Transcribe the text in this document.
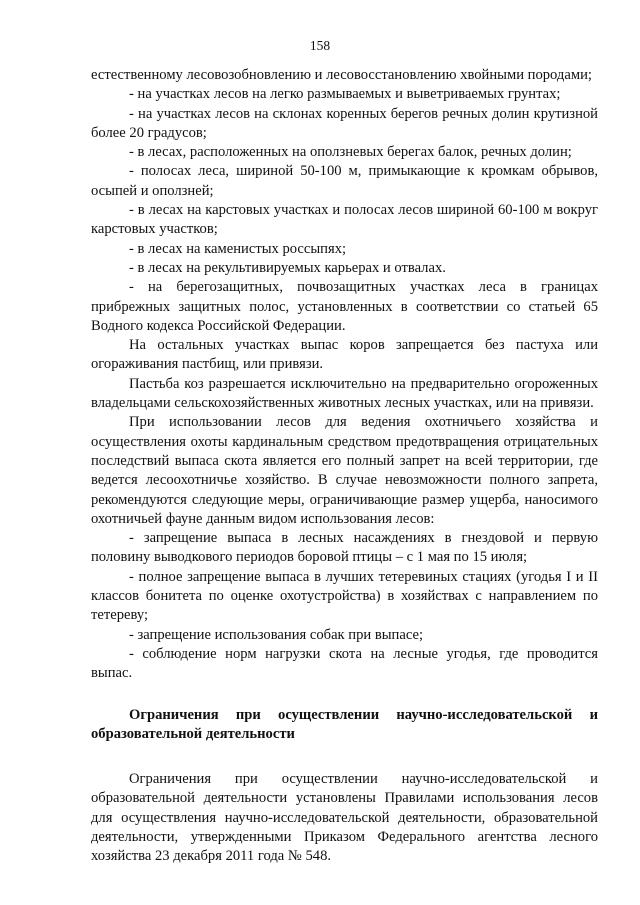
158

естественному лесовозобновлению и лесовосстановлению хвойными породами;

- на участках лесов на легко размываемых и выветриваемых грунтах;

- на участках лесов на склонах коренных берегов речных долин крутизной более 20 градусов;

- в лесах, расположенных на оползневых берегах балок, речных долин;

- полосах леса, шириной 50-100 м, примыкающие к кромкам обрывов, осыпей и оползней;

- в лесах на карстовых участках и полосах лесов шириной 60-100 м вокруг карстовых участков;

- в лесах на каменистых россыпях;

- в лесах на рекультивируемых карьерах и отвалах.

- на берегозащитных, почвозащитных участках леса в границах прибрежных защитных полос, установленных в соответствии со статьей 65 Водного кодекса Российской Федерации.

На остальных участках выпас коров запрещается без пастуха или огораживания пастбищ, или привязи.

Пастьба коз разрешается исключительно на предварительно огороженных владельцами сельскохозяйственных животных лесных участках, или на привязи.

При использовании лесов для ведения охотничьего хозяйства и осуществления охоты кардинальным средством предотвращения отрицательных последствий выпаса скота является его полный запрет на всей территории, где ведется лесоохотничье хозяйство. В случае невозможности полного запрета, рекомендуются следующие меры, ограничивающие размер ущерба, наносимого охотничьей фауне данным видом использования лесов:

- запрещение выпаса в лесных насаждениях в гнездовой и первую половину выводкового периодов боровой птицы – с 1 мая по 15 июля;

- полное запрещение выпаса в лучших тетеревиных стациях (угодья I и II классов бонитета по оценке охотустройства) в хозяйствах с направлением по тетереву;

- запрещение использования собак при выпасе;

- соблюдение норм нагрузки скота на лесные угодья, где проводится выпас.

Ограничения при осуществлении научно-исследовательской и образовательной деятельности

Ограничения при осуществлении научно-исследовательской и образовательной деятельности установлены Правилами использования лесов для осуществления научно-исследовательской деятельности, образовательной деятельности, утвержденными Приказом Федерального агентства лесного хозяйства 23 декабря 2011 года № 548.
